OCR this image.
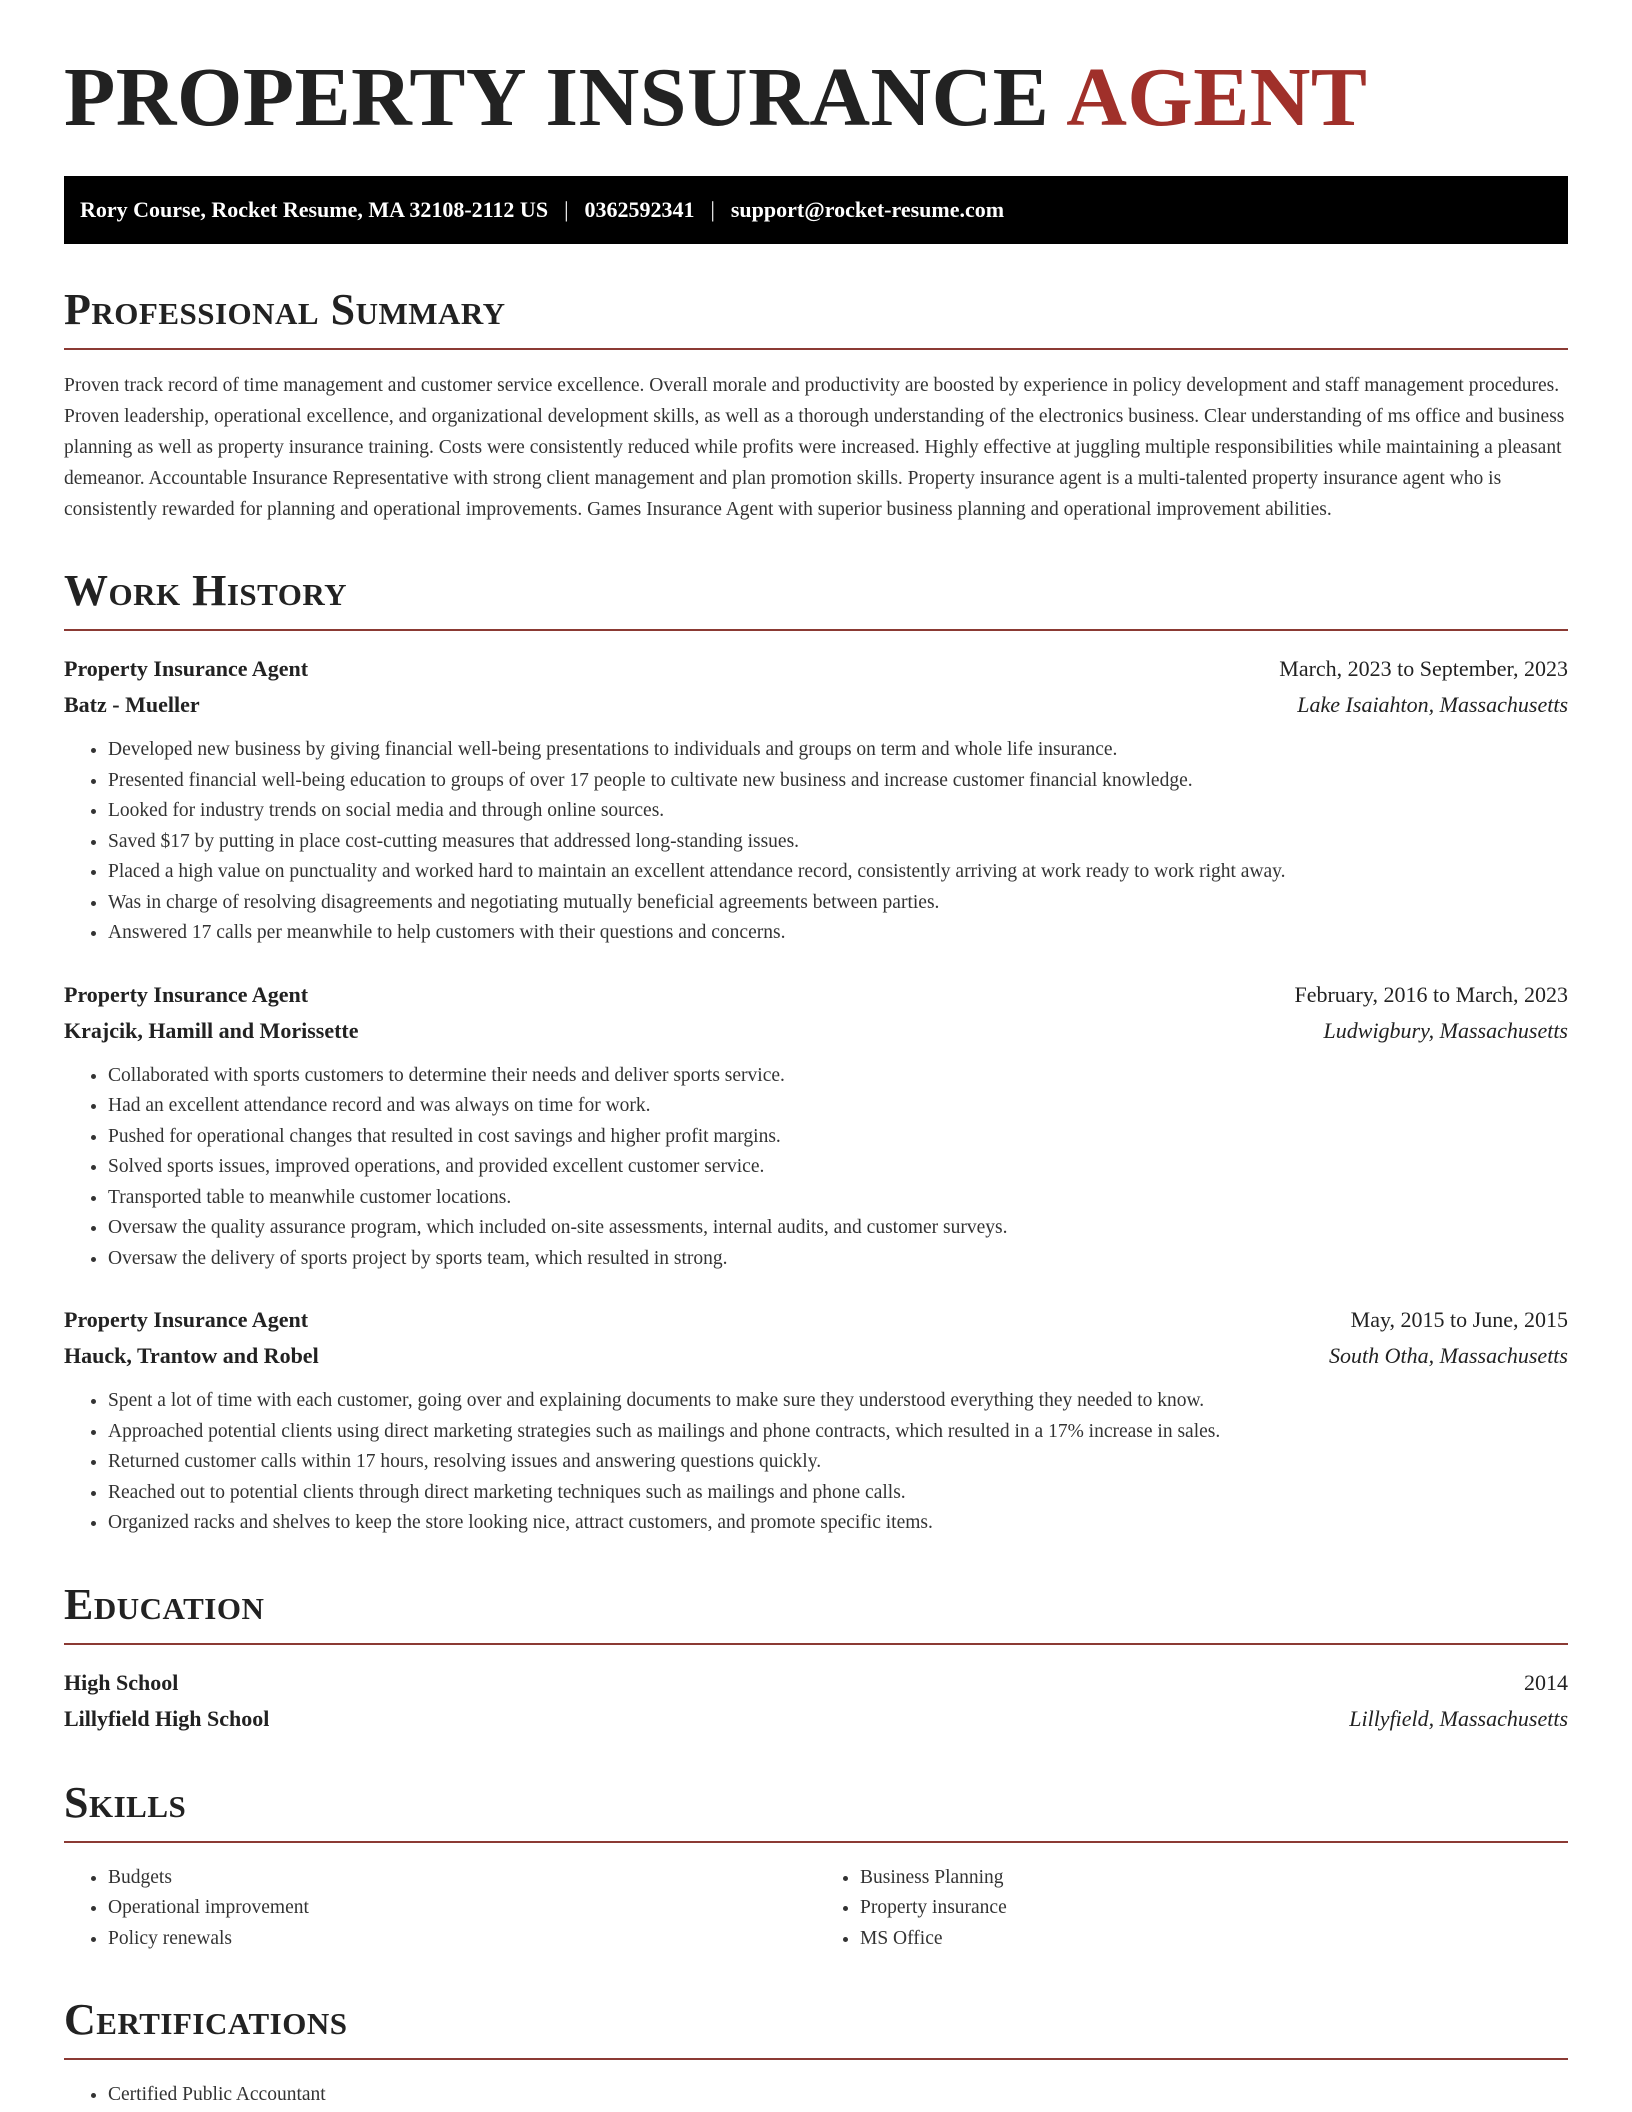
PROPERTY INSURANCE AGENT
Rory Course, Rocket Resume, MA 32108-2112 US | 0362592341 | support@rocket-resume.com
Professional Summary

Proven track record of time management and customer service excellence. Overall morale and productivity are boosted by experience in policy development and staff management procedures. Proven leadership, operational excellence, and organizational development skills, as well as a thorough understanding of the electronics business. Clear understanding of ms office and business planning as well as property insurance training. Costs were consistently reduced while profits were increased. Highly effective at juggling multiple responsibilities while maintaining a pleasant demeanor. Accountable Insurance Representative with strong client management and plan promotion skills. Property insurance agent is a multi-talented property insurance agent who is consistently rewarded for planning and operational improvements. Games Insurance Agent with superior business planning and operational improvement abilities.

Work History
Property Insurance Agent	March, 2023 to September, 2023
Batz - Mueller	Lake Isaiahton, Massachusetts
• Developed new business by giving financial well-being presentations to individuals and groups on term and whole life insurance.
• Presented financial well-being education to groups of over 17 people to cultivate new business and increase customer financial knowledge.
• Looked for industry trends on social media and through online sources.
• Saved $17 by putting in place cost-cutting measures that addressed long-standing issues.
• Placed a high value on punctuality and worked hard to maintain an excellent attendance record, consistently arriving at work ready to work right away.
• Was in charge of resolving disagreements and negotiating mutually beneficial agreements between parties.
• Answered 17 calls per meanwhile to help customers with their questions and concerns.
Property Insurance Agent	February, 2016 to March, 2023
Krajcik, Hamill and Morissette	Ludwigbury, Massachusetts
• Collaborated with sports customers to determine their needs and deliver sports service.
• Had an excellent attendance record and was always on time for work.
• Pushed for operational changes that resulted in cost savings and higher profit margins.
• Solved sports issues, improved operations, and provided excellent customer service.
• Transported table to meanwhile customer locations.
• Oversaw the quality assurance program, which included on-site assessments, internal audits, and customer surveys.
• Oversaw the delivery of sports project by sports team, which resulted in strong.
Property Insurance Agent	May, 2015 to June, 2015
Hauck, Trantow and Robel	South Otha, Massachusetts
• Spent a lot of time with each customer, going over and explaining documents to make sure they understood everything they needed to know.
• Approached potential clients using direct marketing strategies such as mailings and phone contracts, which resulted in a 17% increase in sales.
• Returned customer calls within 17 hours, resolving issues and answering questions quickly.
• Reached out to potential clients through direct marketing techniques such as mailings and phone calls.
• Organized racks and shelves to keep the store looking nice, attract customers, and promote specific items.
Education
High School	2014
Lillyfield High School	Lillyfield, Massachusetts
Skills
• Budgets
• Operational improvement
• Policy renewals
• Business Planning
• Property insurance
• MS Office
Certifications
• Certified Public Accountant
